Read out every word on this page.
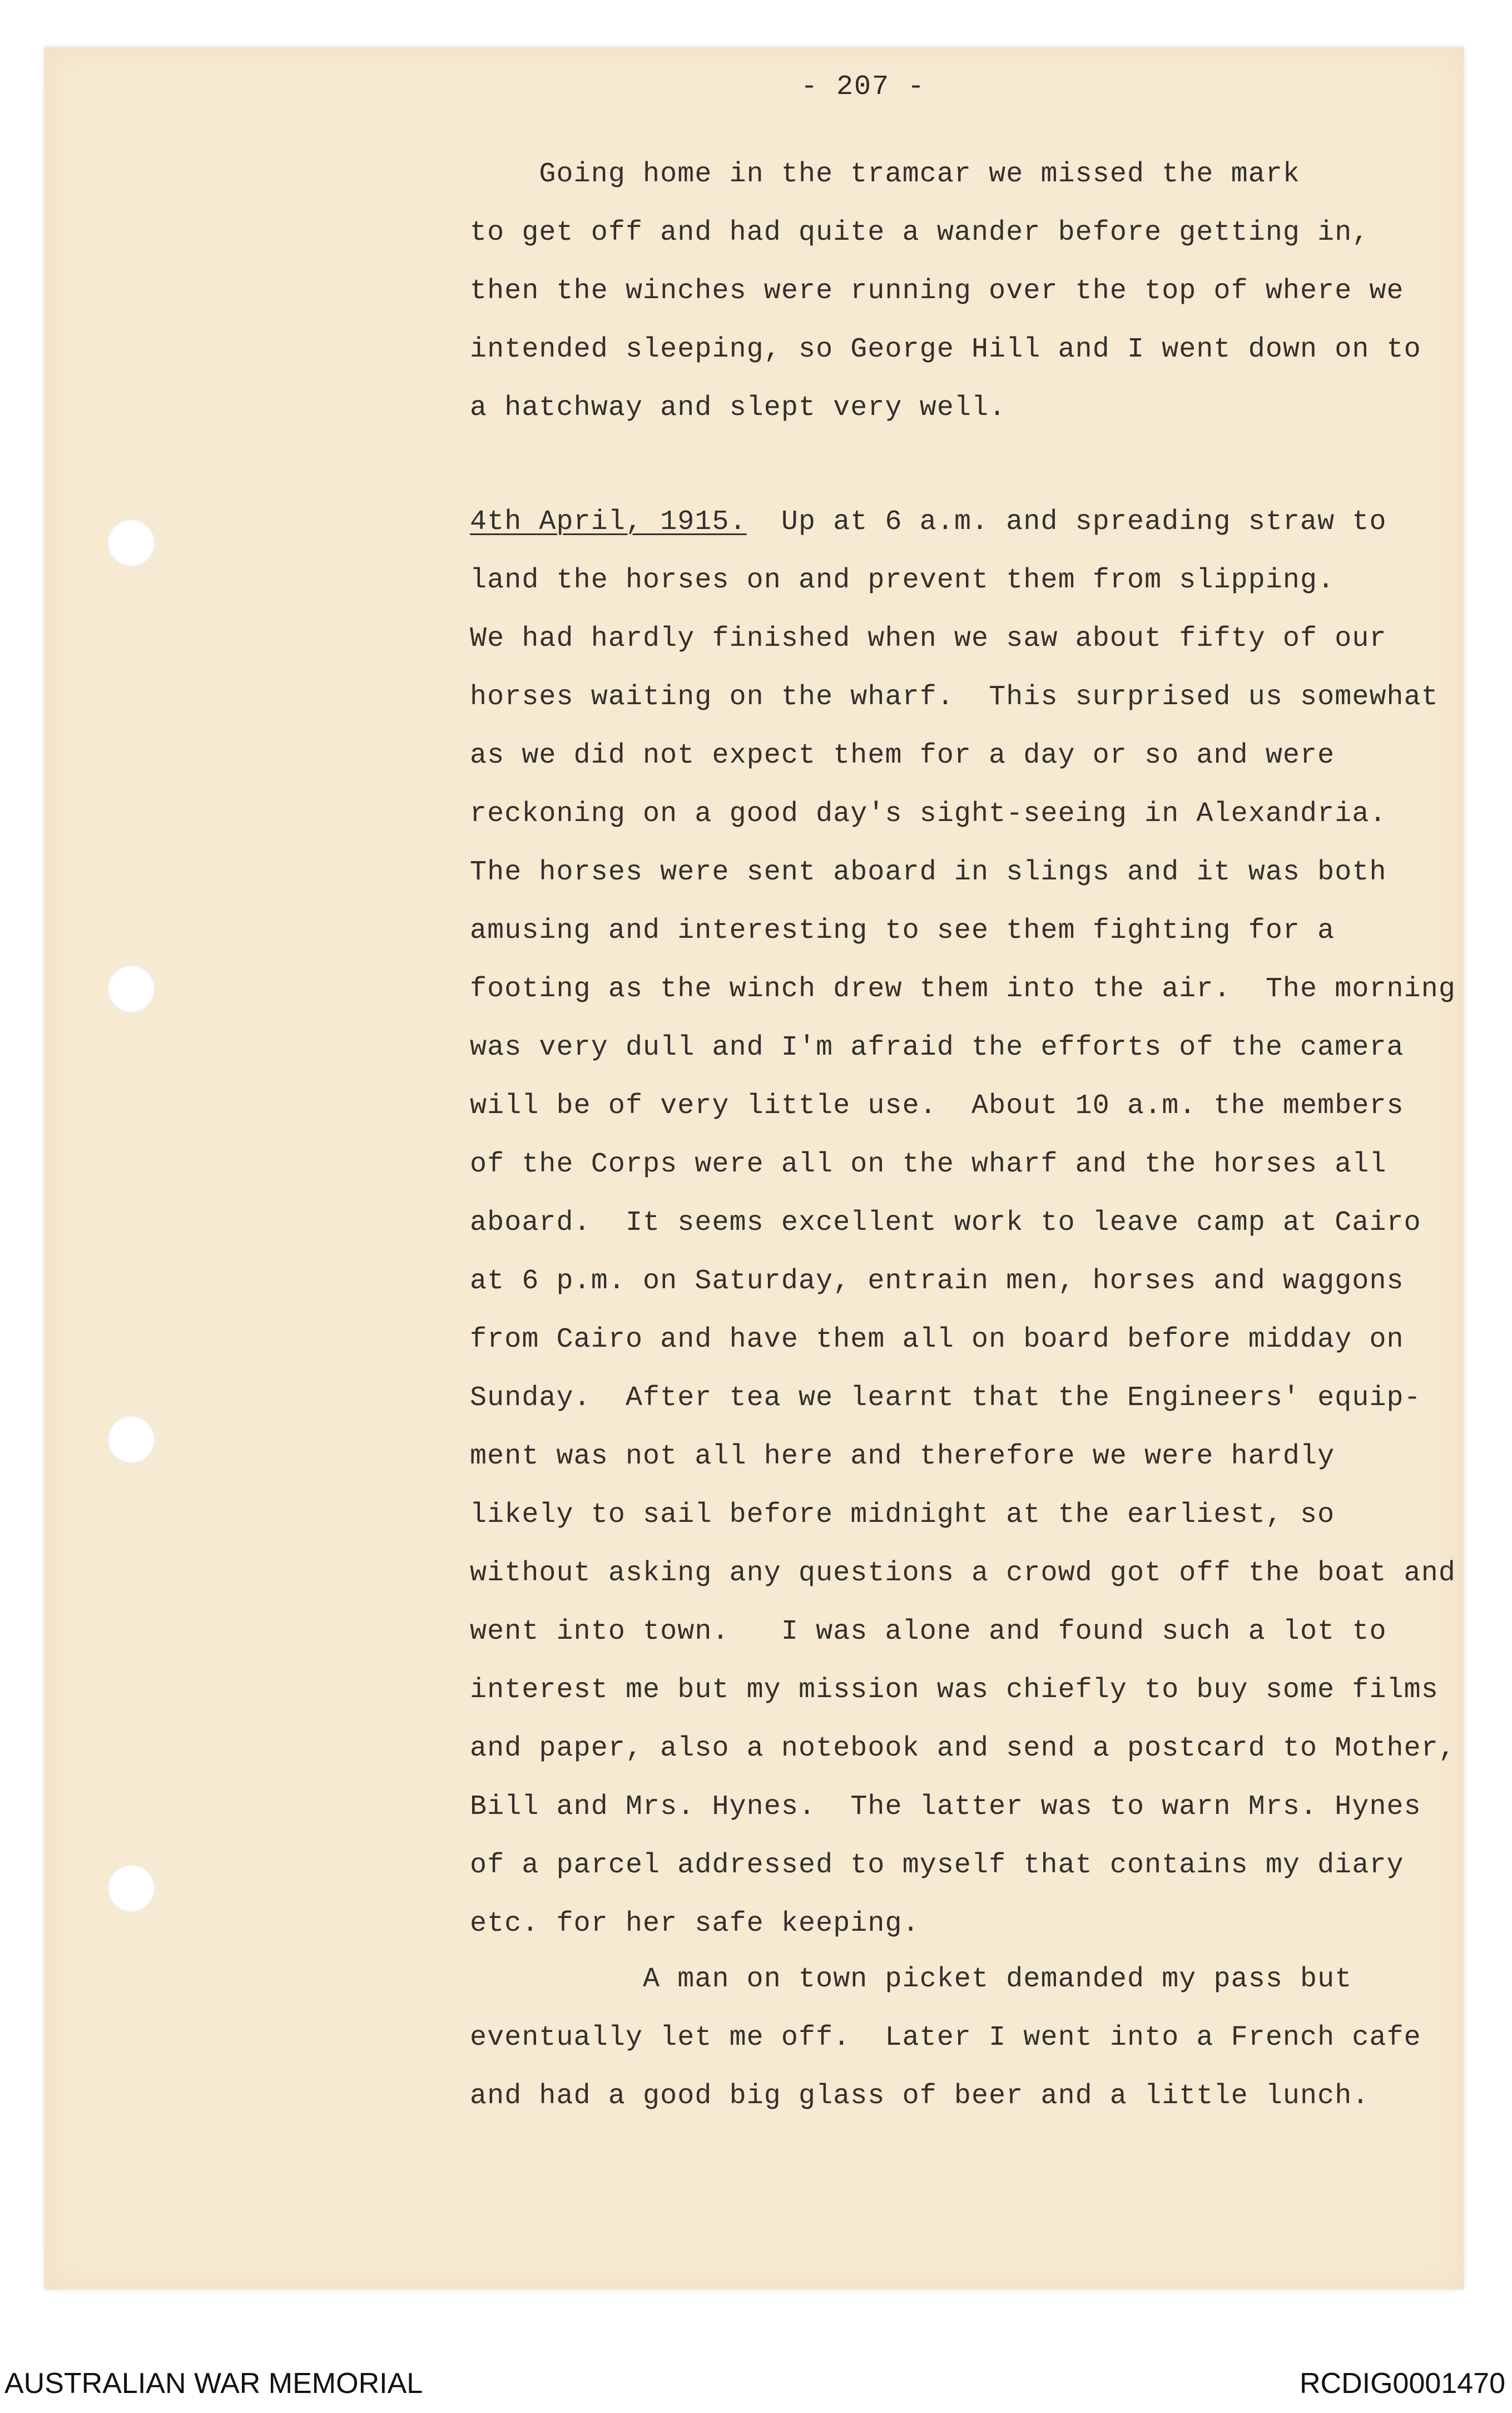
- 207 -
Going home in the tramcar we missed the mark
to get off and had quite a wander before getting in,
then the winches were running over the top of where we
intended sleeping, so George Hill and I went down on to
a hatchway and slept very well.
4th April, 1915.  Up at 6 a.m. and spreading straw to
land the horses on and prevent them from slipping.
We had hardly finished when we saw about fifty of our
horses waiting on the wharf.  This surprised us somewhat
as we did not expect them for a day or so and were
reckoning on a good day's sight-seeing in Alexandria.
The horses were sent aboard in slings and it was both
amusing and interesting to see them fighting for a
footing as the winch drew them into the air.  The morning
was very dull and I'm afraid the efforts of the camera
will be of very little use.  About 10 a.m. the members
of the Corps were all on the wharf and the horses all
aboard.  It seems excellent work to leave camp at Cairo
at 6 p.m. on Saturday, entrain men, horses and waggons
from Cairo and have them all on board before midday on
Sunday.  After tea we learnt that the Engineers' equip-
ment was not all here and therefore we were hardly
likely to sail before midnight at the earliest, so
without asking any questions a crowd got off the boat and
went into town.   I was alone and found such a lot to
interest me but my mission was chiefly to buy some films
and paper, also a notebook and send a postcard to Mother,
Bill and Mrs. Hynes.  The latter was to warn Mrs. Hynes
of a parcel addressed to myself that contains my diary
etc. for her safe keeping.
A man on town picket demanded my pass but
eventually let me off.  Later I went into a French cafe
and had a good big glass of beer and a little lunch.
AUSTRALIAN WAR MEMORIAL	RCDIG0001470
